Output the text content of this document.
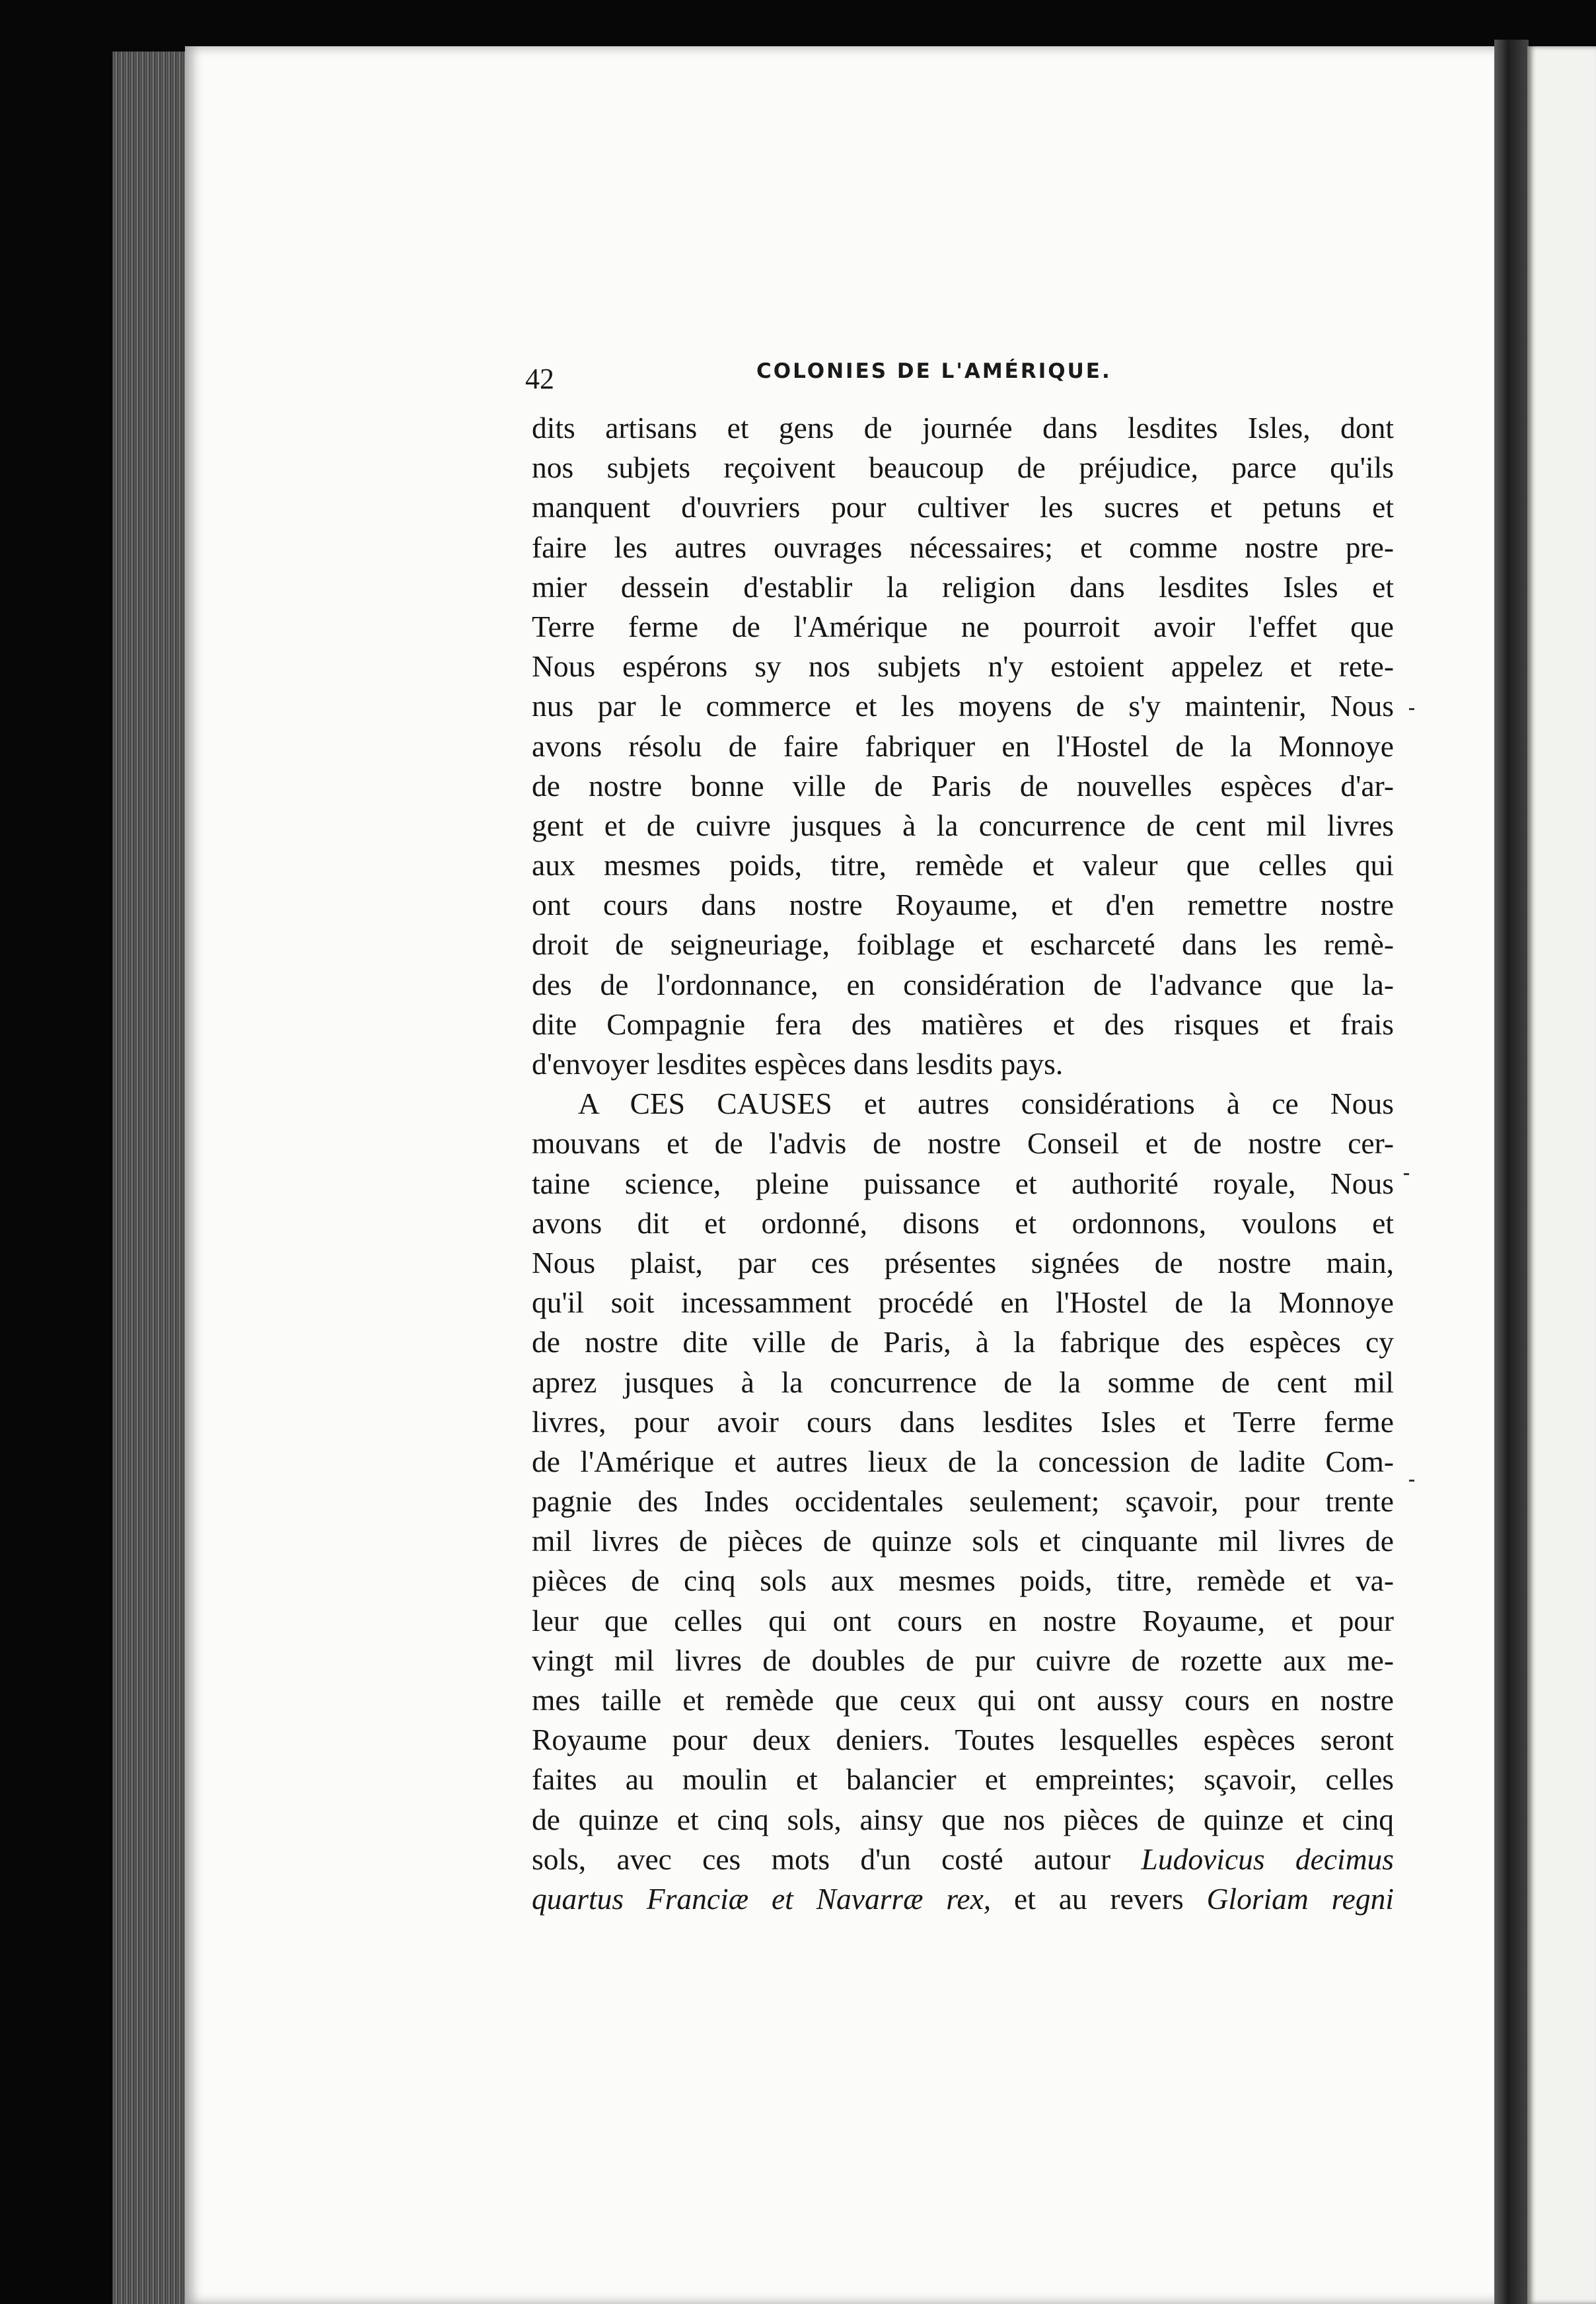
42	COLONIES DE L'AMÉRIQUE.
dits artisans et gens de journée dans lesdites Isles, dont
nos subjets reçoivent beaucoup de préjudice, parce qu'ils
manquent d'ouvriers pour cultiver les sucres et petuns et
faire les autres ouvrages nécessaires; et comme nostre pre-
mier dessein d'establir la religion dans lesdites Isles et
Terre ferme de l'Amérique ne pourroit avoir l'effet que
Nous espérons sy nos subjets n'y estoient appelez et rete-
nus par le commerce et les moyens de s'y maintenir, Nous
avons résolu de faire fabriquer en l'Hostel de la Monnoye
de nostre bonne ville de Paris de nouvelles espèces d'ar-
gent et de cuivre jusques à la concurrence de cent mil livres
aux mesmes poids, titre, remède et valeur que celles qui
ont cours dans nostre Royaume, et d'en remettre nostre
droit de seigneuriage, foiblage et escharceté dans les remè-
des de l'ordonnance, en considération de l'advance que la-
dite Compagnie fera des matières et des risques et frais
d'envoyer lesdites espèces dans lesdits pays.
A CES CAUSES et autres considérations à ce Nous
mouvans et de l'advis de nostre Conseil et de nostre cer-
taine science, pleine puissance et authorité royale, Nous
avons dit et ordonné, disons et ordonnons, voulons et
Nous plaist, par ces présentes signées de nostre main,
qu'il soit incessamment procédé en l'Hostel de la Monnoye
de nostre dite ville de Paris, à la fabrique des espèces cy
aprez jusques à la concurrence de la somme de cent mil
livres, pour avoir cours dans lesdites Isles et Terre ferme
de l'Amérique et autres lieux de la concession de ladite Com-
pagnie des Indes occidentales seulement; sçavoir, pour trente
mil livres de pièces de quinze sols et cinquante mil livres de
pièces de cinq sols aux mesmes poids, titre, remède et va-
leur que celles qui ont cours en nostre Royaume, et pour
vingt mil livres de doubles de pur cuivre de rozette aux me-
mes taille et remède que ceux qui ont aussy cours en nostre
Royaume pour deux deniers. Toutes lesquelles espèces seront
faites au moulin et balancier et empreintes; sçavoir, celles
de quinze et cinq sols, ainsy que nos pièces de quinze et cinq
sols, avec ces mots d'un costé autour Ludovicus decimus
quartus Franciæ et Navarræ rex, et au revers Gloriam regni
